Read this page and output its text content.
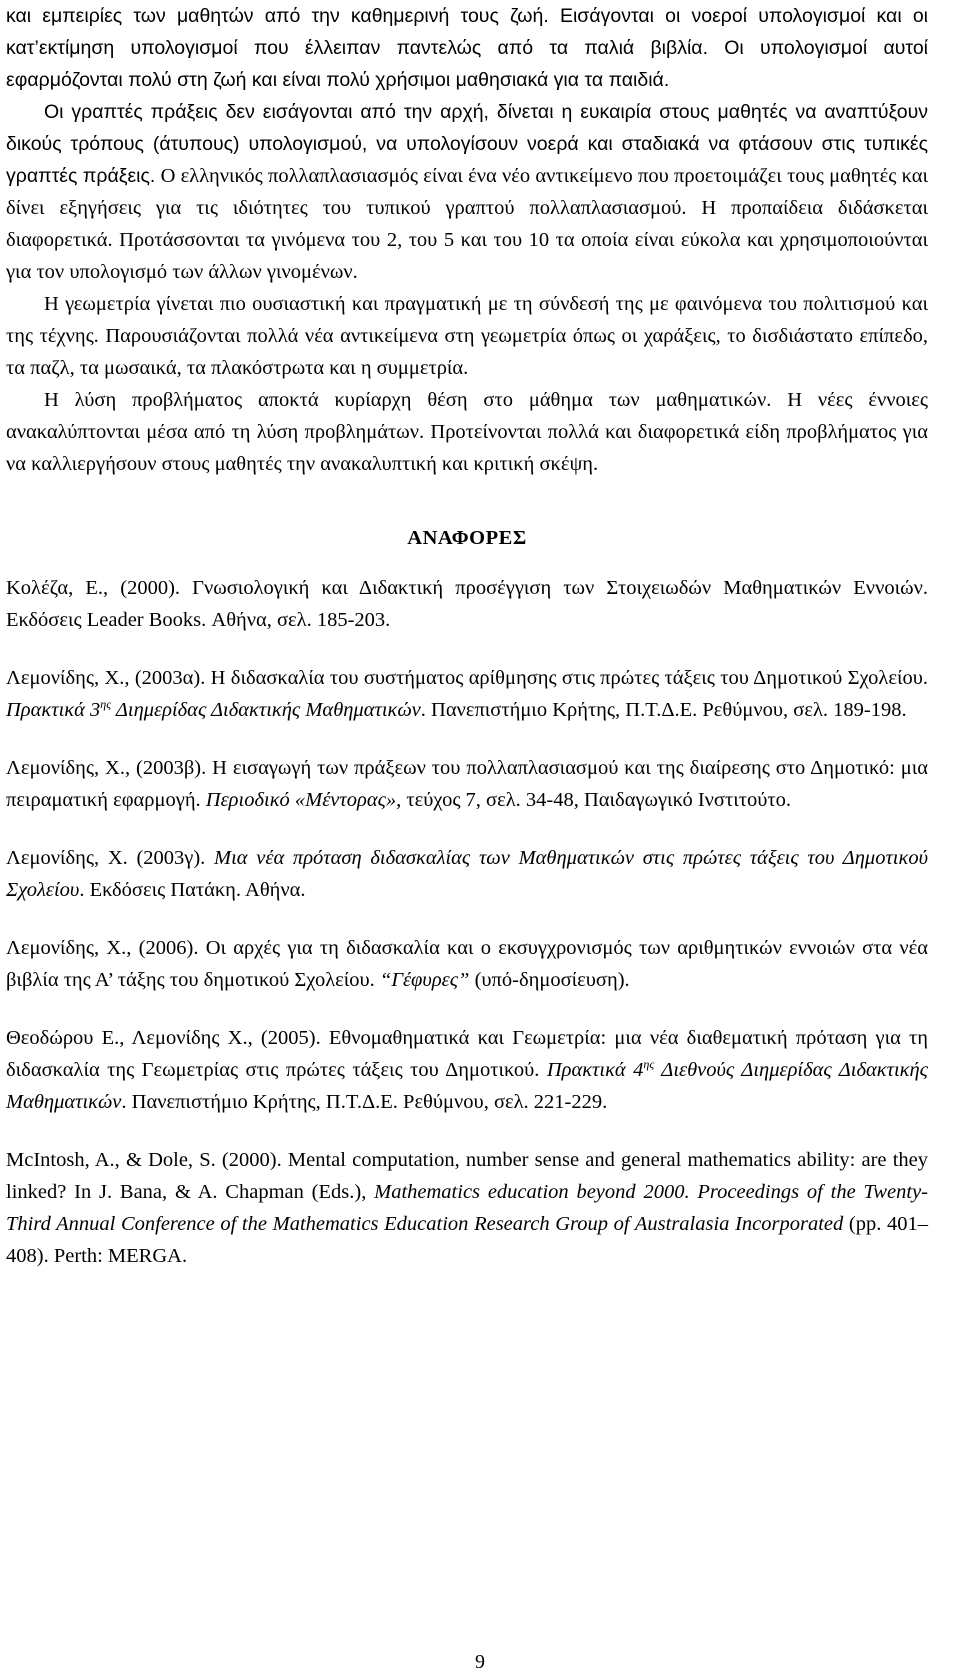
και εμπειρίες των μαθητών από την καθημερινή τους ζωή. Εισάγονται οι νοεροί υπολογισμοί και οι κατ’εκτίμηση υπολογισμοί που έλλειπαν παντελώς από τα παλιά βιβλία. Οι υπολογισμοί αυτοί εφαρμόζονται πολύ στη ζωή και είναι πολύ χρήσιμοι μαθησιακά για τα παιδιά.

Οι γραπτές πράξεις δεν εισάγονται από την αρχή, δίνεται η ευκαιρία στους μαθητές να αναπτύξουν δικούς τρόπους (άτυπους) υπολογισμού, να υπολογίσουν νοερά και σταδιακά να φτάσουν στις τυπικές γραπτές πράξεις. Ο ελληνικός πολλαπλασιασμός είναι ένα νέο αντικείμενο που προετοιμάζει τους μαθητές και δίνει εξηγήσεις για τις ιδιότητες του τυπικού γραπτού πολλαπλασιασμού. Η προπαίδεια διδάσκεται διαφορετικά. Προτάσσονται τα γινόμενα του 2, του 5 και του 10 τα οποία είναι εύκολα και χρησιμοποιούνται για τον υπολογισμό των άλλων γινομένων.

Η γεωμετρία γίνεται πιο ουσιαστική και πραγματική με τη σύνδεσή της με φαινόμενα του πολιτισμού και της τέχνης. Παρουσιάζονται πολλά νέα αντικείμενα στη γεωμετρία όπως οι χαράξεις, το δισδιάστατο επίπεδο, τα παζλ, τα μωσαικά, τα πλακόστρωτα και η συμμετρία.

Η λύση προβλήματος αποκτά κυρίαρχη θέση στο μάθημα των μαθηματικών. Η νέες έννοιες ανακαλύπτονται μέσα από τη λύση προβλημάτων. Προτείνονται πολλά και διαφορετικά είδη προβλήματος για να καλλιεργήσουν στους μαθητές την ανακαλυπτική και κριτική σκέψη.

ΑΝΑΦΟΡΕΣ

Κολέζα, Ε., (2000). Γνωσιολογική και Διδακτική προσέγγιση των Στοιχειωδών Μαθηματικών Εννοιών. Εκδόσεις Leader Books. Αθήνα, σελ. 185-203.

Λεμονίδης, Χ., (2003α). Η διδασκαλία του συστήματος αρίθμησης στις πρώτες τάξεις του Δημοτικού Σχολείου. Πρακτικά $3^{\eta\varsigma}$ Διημερίδας Διδακτικής Μαθηματικών. Πανεπιστήμιο Κρήτης, Π.Τ.Δ.Ε. Ρεθύμνου, σελ. 189-198.

Λεμονίδης, Χ., (2003β). Η εισαγωγή των πράξεων του πολλαπλασιασμού και της διαίρεσης στο Δημοτικό: μια πειραματική εφαρμογή. Περιοδικό «Μέντορας», τεύχος 7, σελ. 34-48, Παιδαγωγικό Ινστιτούτο.

Λεμονίδης, Χ. (2003γ). Μια νέα πρόταση διδασκαλίας των Μαθηματικών στις πρώτες τάξεις του Δημοτικού Σχολείου. Εκδόσεις Πατάκη. Αθήνα.

Λεμονίδης, Χ., (2006). Οι αρχές για τη διδασκαλία και ο εκσυγχρονισμός των αριθμητικών εννοιών στα νέα βιβλία της Α’ τάξης του δημοτικού Σχολείου. “Γέφυρες” (υπό-δημοσίευση).

Θεοδώρου Ε., Λεμονίδης Χ., (2005). Εθνομαθηματικά και Γεωμετρία: μια νέα διαθεματική πρόταση για τη διδασκαλία της Γεωμετρίας στις πρώτες τάξεις του Δημοτικού. Πρακτικά $4^{\eta\varsigma}$ Διεθνούς Διημερίδας Διδακτικής Μαθηματικών. Πανεπιστήμιο Κρήτης, Π.Τ.Δ.Ε. Ρεθύμνου, σελ. 221-229.

McIntosh, A., & Dole, S. (2000). Mental computation, number sense and general mathematics ability: are they linked? In J. Bana, & A. Chapman (Eds.), Mathematics education beyond 2000. Proceedings of the Twenty-Third Annual Conference of the Mathematics Education Research Group of Australasia Incorporated (pp. 401–408). Perth: MERGA.

9
